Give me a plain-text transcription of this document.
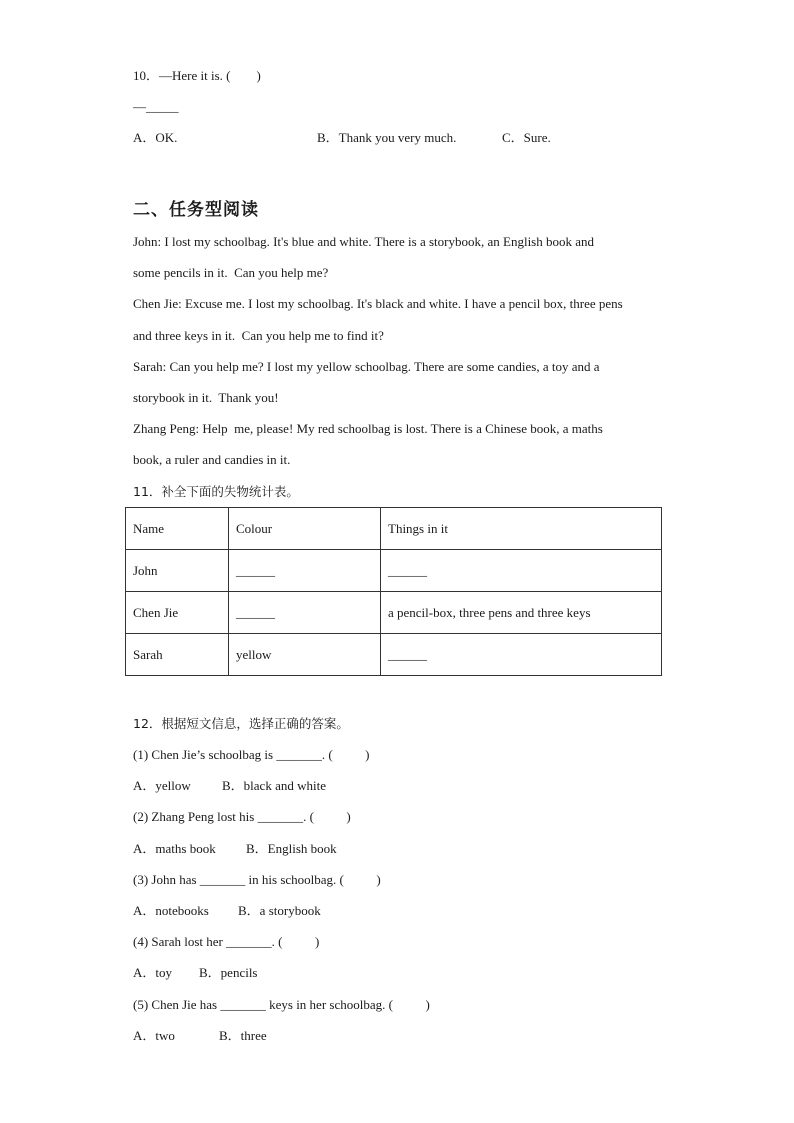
10．—Here it is. (　　)
—_____
A．OK.	B．Thank you very much.	C．Sure.
二、任务型阅读
John: I lost my schoolbag. It's blue and white. There is a storybook, an English book and
some pencils in it.  Can you help me?
Chen Jie: Excuse me. I lost my schoolbag. It's black and white. I have a pencil box, three pens
and three keys in it.  Can you help me to find it?
Sarah: Can you help me? I lost my yellow schoolbag. There are some candies, a toy and a
storybook in it.  Thank you!
Zhang Peng: Help  me, please! My red schoolbag is lost. There is a Chinese book, a maths
book, a ruler and candies in it.
11．补全下面的失物统计表。
Name	Colour	Things in it
John	______	______
Chen Jie	______	a pencil-box, three pens and three keys
Sarah	yellow	______
12．根据短文信息，选择正确的答案。
(1) Chen Jie’s schoolbag is _______. (          )
A．yellow B．black and white
(2) Zhang Peng lost his _______. (          )
A．maths book B．English book
(3) John has _______ in his schoolbag. (          )
A．notebooks B．a storybook
(4) Sarah lost her _______. (          )
A．toy B．pencils
(5) Chen Jie has _______ keys in her schoolbag. (          )
A．two	B．three
